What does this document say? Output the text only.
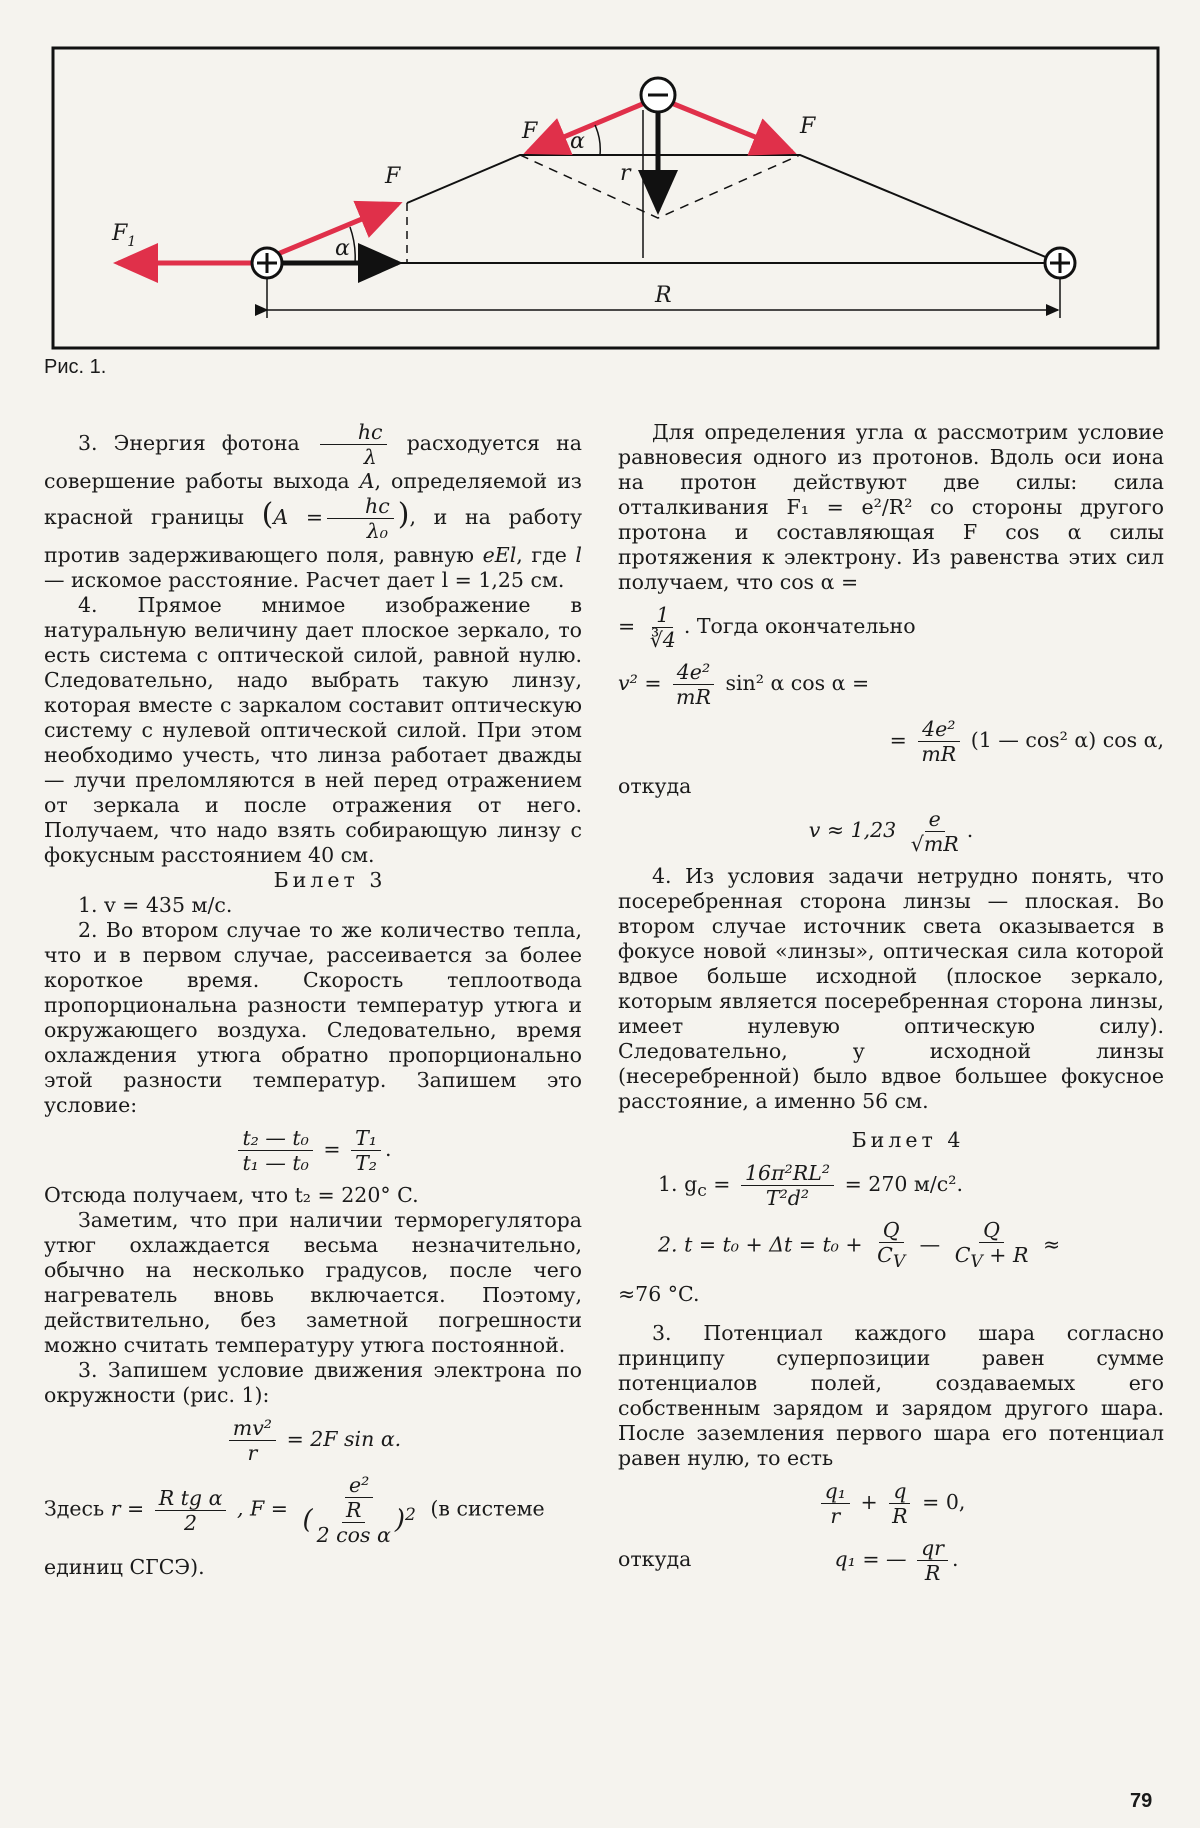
$F_1$
F
F	F
α
α
r
R
Рис. 1.

3. Энергия фотона $\frac{hc}{\lambda}$ расходуется на совершение работы выхода A, определяемой из красной границы ($A = \frac{hc}{\text{λ₀}}$ ), и на работу против задерживающего поля, равную eEl, где l — искомое расстояние. Расчет дает l = 1,25 см.

4. Прямое мнимое изображение в натуральную величину дает плоское зеркало, то есть система с оптической силой, равной нулю. Следовательно, надо выбрать такую линзу, которая вместе с заркалом составит оптическую систему с нулевой оптической силой. При этом необходимо учесть, что линза работает дважды — лучи преломляются в ней перед отражением от зеркала и после отражения от него. Получаем, что надо взять собирающую линзу с фокусным расстоянием 40 см.

Билет 3

1. v = 435 м/с.

2. Во втором случае то же количество тепла, что и в первом случае, рассеивается за более короткое время. Скорость теплоотвода пропорциональна разности температур утюга и окружающего воздуха. Следовательно, время охлаждения утюга обратно пропорционально этой разности температур. Запишем это условие:

$\frac{\text{t₂ — t₀}}{\text{t₁ — t₀}} = \frac{\text{T₁}}{\text{T₂}}$ .

Отсюда получаем, что t₂ = 220° C.

Заметим, что при наличии терморегулятора утюг охлаждается весьма незначительно, обычно на несколько градусов, после чего нагреватель вновь включается. Поэтому, действительно, без заметной погрешности можно считать температуру утюга постоянной.

3. Запишем условие движения электрона по окружности (рис. 1):

$\frac{\text{mv²}}{r} = 2F$ sin α.
Здесь $r = \frac{\text{R tg α}}{2}$ , $F = \frac{\text{e²}}{( \frac{R}{\text{2 cos α}} )^2} (в$ системе

единиц СГСЭ).

Для определения угла α рассмотрим условие равновесия одного из протонов. Вдоль оси иона на протон действуют две силы: сила отталкивания F₁ = e²/R² со стороны другого протона и составляющая F cos α силы протяжения к электрону. Из равенства этих сил получаем, что cos α =

= $\frac{1}{∛4}$ . Тогда окончательно
$v^2 = \frac{\text{4e²}}{mR} \sin^2$ α cos α =
= $\frac{\text{4e²}}{mR} (1$ — cos² α) cos α,

откуда

$v \approx 1,23 \frac{e}{√mR}$ .

4. Из условия задачи нетрудно понять, что посеребренная сторона линзы — плоская. Во втором случае источник света оказывается в фокусе новой «линзы», оптическая сила которой вдвое больше исходной (плоское зеркало, которым является посеребренная сторона линзы, имеет нулевую оптическую силу). Следовательно, у исходной линзы (несеребренной) было вдвое большее фокусное расстояние, а именно 56 см.

Билет 4

1. $g_c = \frac{\text{16π²RL²}}{\text{T²d²}} = 270$ м/с².
2. $t = t_0 + \Delta t = t_0 + \frac{Q}{C_V}$ — $\frac{Q}{C_V + R}$ ≈

≈76 °C.

3. Потенциал каждого шара согласно принципу суперпозиции равен сумме потенциалов полей, создаваемых его собственным зарядом и зарядом другого шара. После заземления первого шара его потенциал равен нулю, то есть

$\frac{\text{q₁}}{r} + \frac{q}{R} = 0$,
откуда	q₁ = — $\frac{qr}{R}$ .
79
